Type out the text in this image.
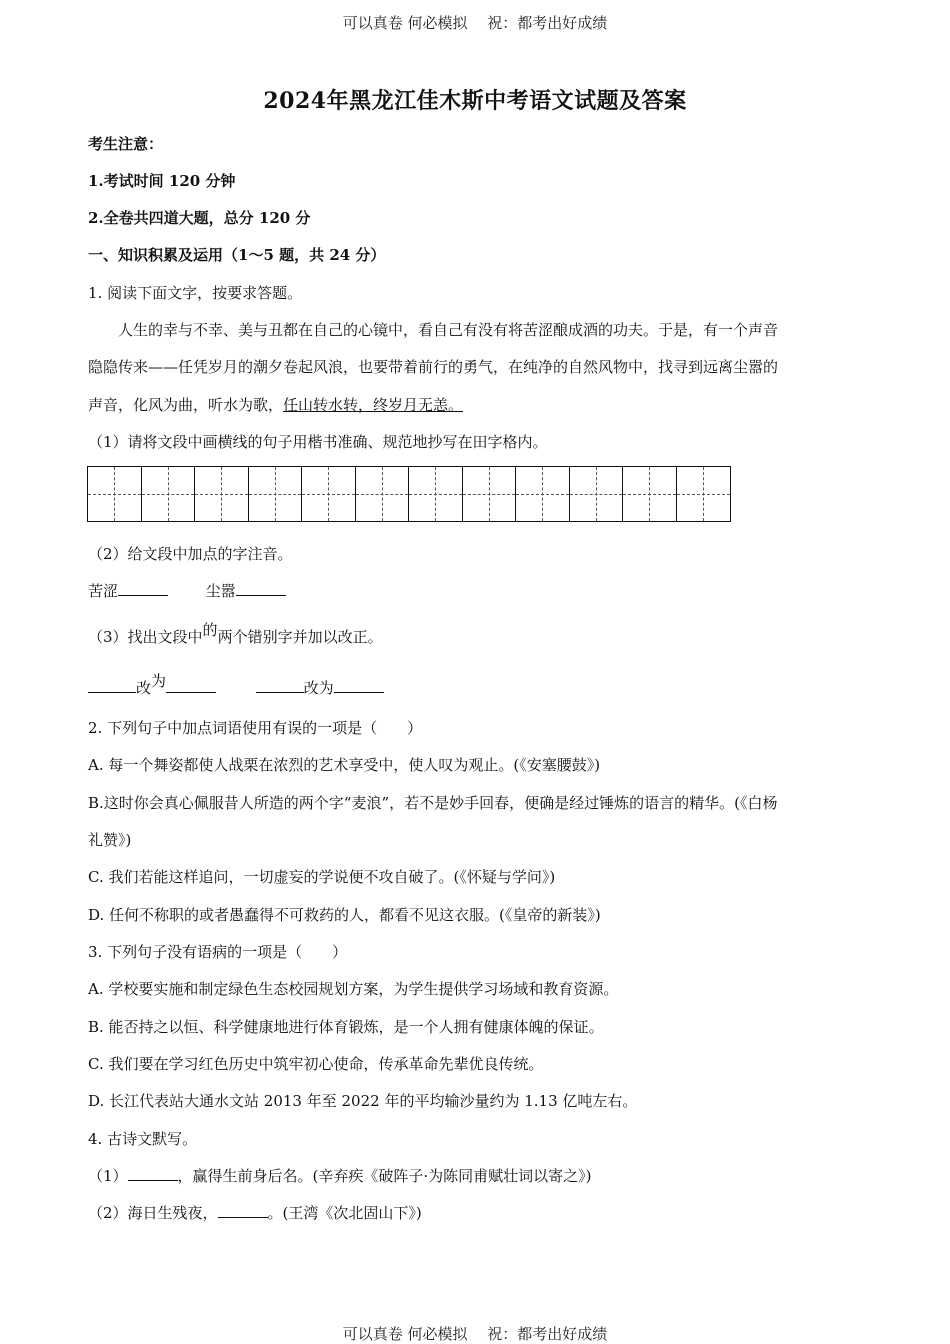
可以真卷 何必模拟　 祝：都考出好成绩
2024年黑龙江佳木斯中考语文试题及答案
考生注意：
1.考试时间 120 分钟
2.全卷共四道大题，总分 120 分
一、知识积累及运用（1～5 题，共 24 分）
1. 阅读下面文字，按要求答题。
人生的幸与不幸、美与丑都在自己的心镜中，看自己有没有将苦涩酿成酒的功夫。于是，有一个声音
隐隐传来——任凭岁月的潮夕卷起风浪，也要带着前行的勇气，在纯净的自然风物中，找寻到远离尘嚣的
声音，化风为曲，听水为歌，任山转水转，终岁月无恙。
（1）请将文段中画横线的句子用楷书准确、规范地抄写在田字格内。
（2）给文段中加点的字注音。
苦涩	尘嚣
（3）找出文段中的两个错别字并加以改正。
改为	改为
2. 下列句子中加点词语使用有误的一项是（　　）
A. 每一个舞姿都使人战栗在浓烈的艺术享受中，使人叹为观止。(《安塞腰鼓》)
B.这时你会真心佩服昔人所造的两个字“麦浪”，若不是妙手回春，便确是经过锤炼的语言的精华。(《白杨
礼赞》)
C. 我们若能这样追问，一切虚妄的学说便不攻自破了。(《怀疑与学问》)
D. 任何不称职的或者愚蠢得不可救药的人，都看不见这衣服。(《皇帝的新装》)
3. 下列句子没有语病的一项是（　　）
A. 学校要实施和制定绿色生态校园规划方案，为学生提供学习场域和教育资源。
B. 能否持之以恒、科学健康地进行体育锻炼，是一个人拥有健康体魄的保证。
C. 我们要在学习红色历史中筑牢初心使命，传承革命先辈优良传统。
D. 长江代表站大通水文站 2013 年至 2022 年的平均输沙量约为 1.13 亿吨左右。
4. 古诗文默写。
（1）	，赢得生前身后名。(辛弃疾《破阵子·为陈同甫赋壮词以寄之》)
（2）海日生残夜，	。(王湾《次北固山下》)
可以真卷 何必模拟　 祝：都考出好成绩
